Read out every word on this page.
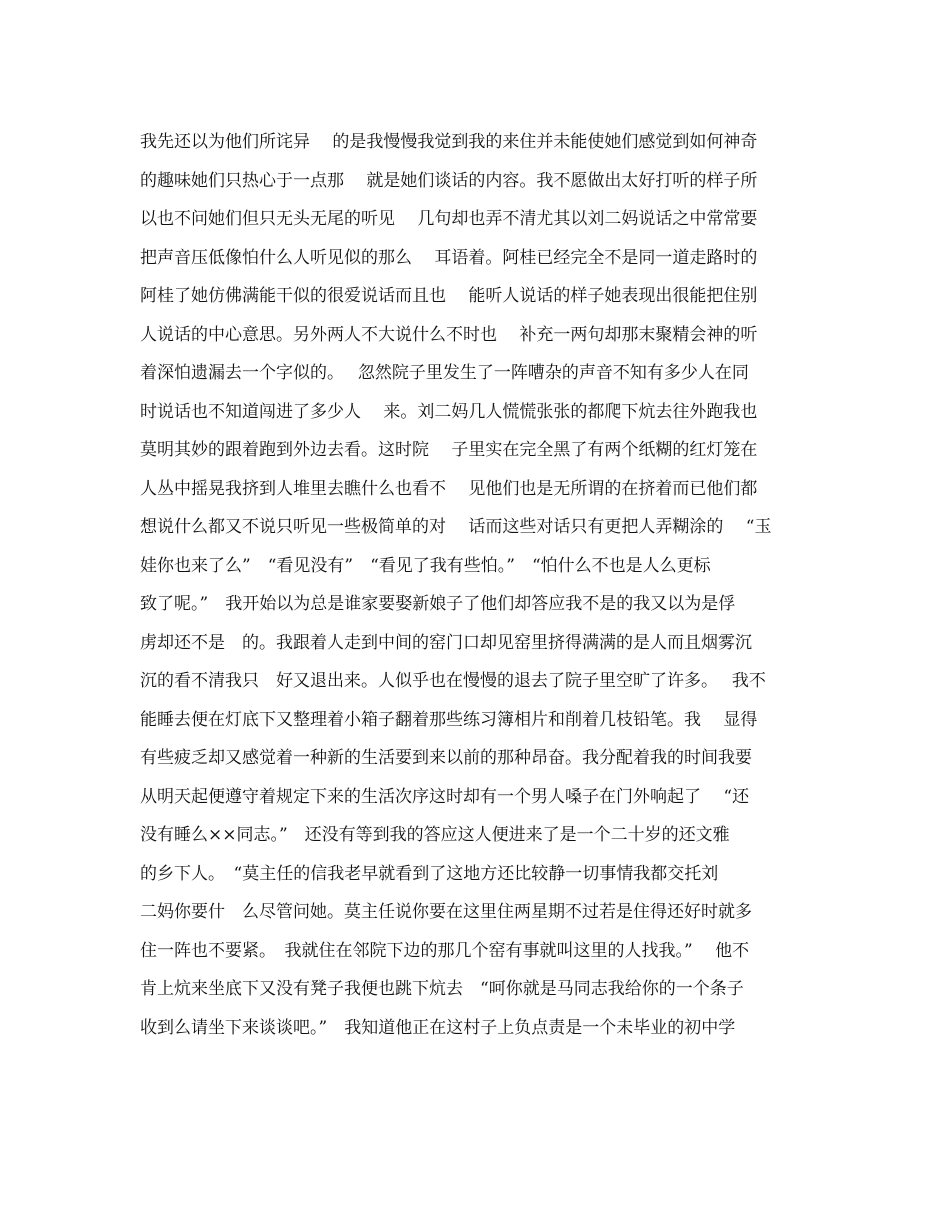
我先还以为他们所诧异　 的是我慢慢我觉到我的来住并未能使她们感觉到如何神奇
的趣味她们只热心于一点那　 就是她们谈话的内容。我不愿做出太好打听的样子所
以也不问她们但只无头无尾的听见　 几句却也弄不清尤其以刘二妈说话之中常常要
把声音压低像怕什么人听见似的那么　 耳语着。阿桂已经完全不是同一道走路时的
阿桂了她仿佛满能干似的很爱说话而且也　 能听人说话的样子她表现出很能把住别
人说话的中心意思。另外两人不大说什么不时也　 补充一两句却那末聚精会神的听
着深怕遗漏去一个字似的。　 忽然院子里发生了一阵嘈杂的声音不知有多少人在同
时说话也不知道闯进了多少人　 来。刘二妈几人慌慌张张的都爬下炕去往外跑我也
莫明其妙的跟着跑到外边去看。这时院　 子里实在完全黑了有两个纸糊的红灯笼在
人丛中摇晃我挤到人堆里去瞧什么也看不　 见他们也是无所谓的在挤着而已他们都
想说什么都又不说只听见一些极简单的对　 话而这些对话只有更把人弄糊涂的　 “玉
娃你也来了么”　“看见没有”　“看见了我有些怕。”　“怕什么不也是人么更标
致了呢。”　我开始以为总是谁家要娶新娘子了他们却答应我不是的我又以为是俘
虏却还不是　的。我跟着人走到中间的窑门口却见窑里挤得满满的是人而且烟雾沉
沉的看不清我只　好又退出来。人似乎也在慢慢的退去了院子里空旷了许多。　 我不
能睡去便在灯底下又整理着小箱子翻着那些练习簿相片和削着几枝铅笔。我　 显得
有些疲乏却又感觉着一种新的生活要到来以前的那种昂奋。我分配着我的时间我要
从明天起便遵守着规定下来的生活次序这时却有一个男人嗓子在门外响起了　 “还
没有睡么××同志。”　还没有等到我的答应这人便进来了是一个二十岁的还文雅
的乡下人。　“莫主任的信我老早就看到了这地方还比较静一切事情我都交托刘
二妈你要什　么尽管问她。莫主任说你要在这里住两星期不过若是住得还好时就多
住一阵也不要紧。　我就住在邻院下边的那几个窑有事就叫这里的人找我。”　 他不
肯上炕来坐底下又没有凳子我便也跳下炕去　“呵你就是马同志我给你的一个条子
收到么请坐下来谈谈吧。”　我知道他正在这村子上负点责是一个未毕业的初中学
